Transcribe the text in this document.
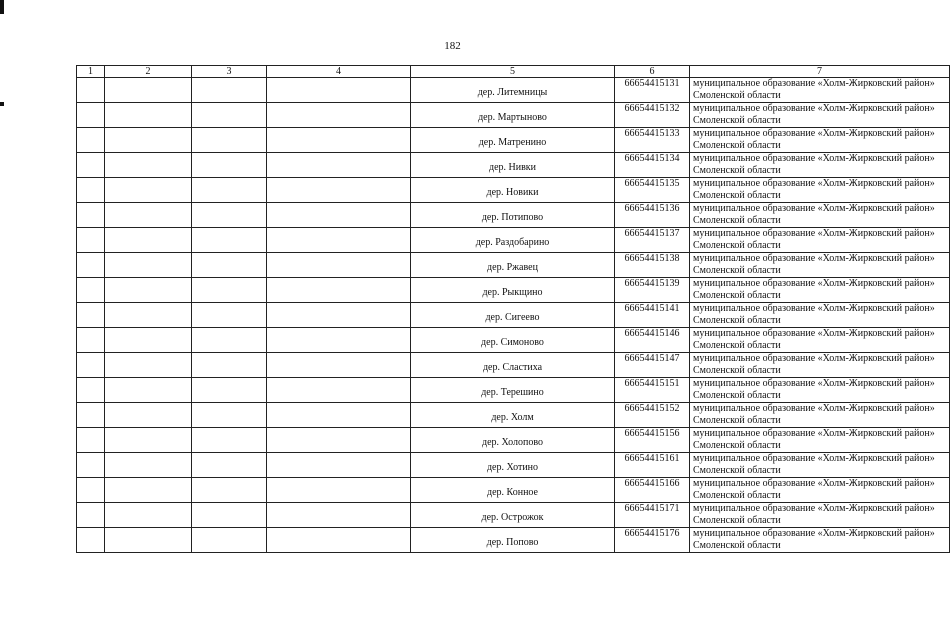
182
1	2	3	4	5	6	7
				дер. Литемницы	66654415131	муниципальное образование «Холм-Жирковский район» Смоленской области
				дер. Мартыново	66654415132	муниципальное образование «Холм-Жирковский район» Смоленской области
				дер. Матренино	66654415133	муниципальное образование «Холм-Жирковский район» Смоленской области
				дер. Нивки	66654415134	муниципальное образование «Холм-Жирковский район» Смоленской области
				дер. Новики	66654415135	муниципальное образование «Холм-Жирковский район» Смоленской области
				дер. Потипово	66654415136	муниципальное образование «Холм-Жирковский район» Смоленской области
				дер. Раздобарино	66654415137	муниципальное образование «Холм-Жирковский район» Смоленской области
				дер. Ржавец	66654415138	муниципальное образование «Холм-Жирковский район» Смоленской области
				дер. Рыкщино	66654415139	муниципальное образование «Холм-Жирковский район» Смоленской области
				дер. Сигеево	66654415141	муниципальное образование «Холм-Жирковский район» Смоленской области
				дер. Симоново	66654415146	муниципальное образование «Холм-Жирковский район» Смоленской области
				дер. Сластиха	66654415147	муниципальное образование «Холм-Жирковский район» Смоленской области
				дер. Терешино	66654415151	муниципальное образование «Холм-Жирковский район» Смоленской области
				дер. Холм	66654415152	муниципальное образование «Холм-Жирковский район» Смоленской области
				дер. Холопово	66654415156	муниципальное образование «Холм-Жирковский район» Смоленской области
				дер. Хотино	66654415161	муниципальное образование «Холм-Жирковский район» Смоленской области
				дер. Конное	66654415166	муниципальное образование «Холм-Жирковский район» Смоленской области
				дер. Острожок	66654415171	муниципальное образование «Холм-Жирковский район» Смоленской области
				дер. Попово	66654415176	муниципальное образование «Холм-Жирковский район» Смоленской области
